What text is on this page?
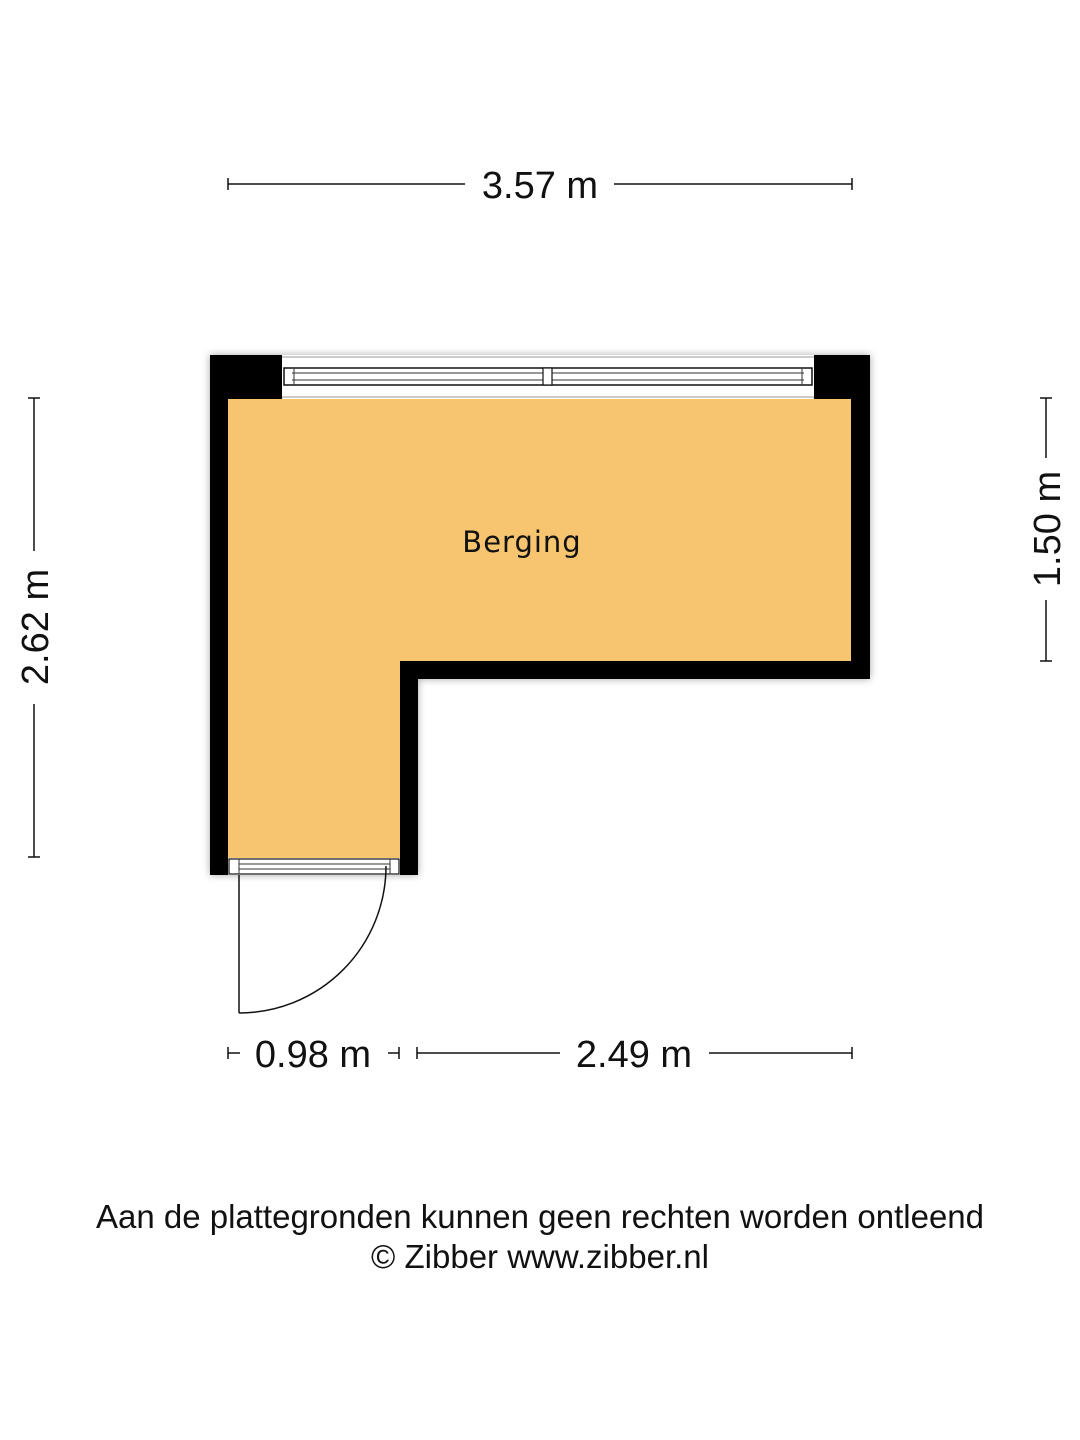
Berging
3.57 m
2.62 m
1.50 m
0.98 m	2.49 m
Aan de plattegronden kunnen geen rechten worden ontleend
© Zibber www.zibber.nl
